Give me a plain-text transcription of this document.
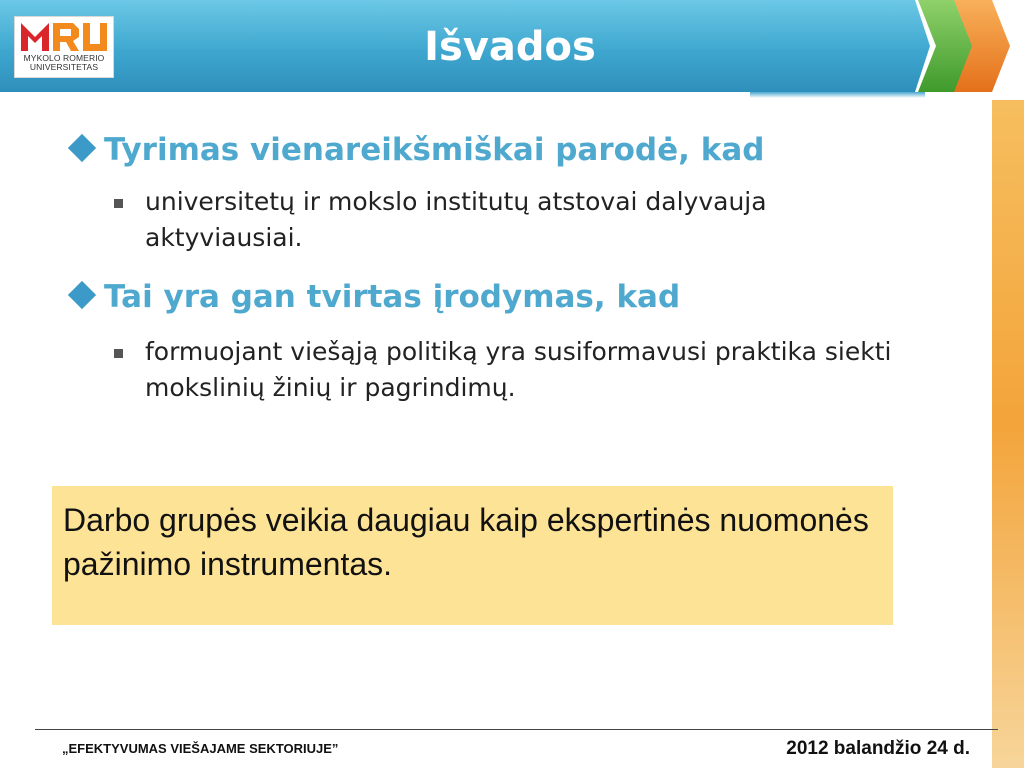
MYKOLO ROMERIO
UNIVERSITETAS	Išvados
Tyrimas vienareikšmiškai parodė, kad
universitetų ir mokslo institutų atstovai dalyvauja aktyviausiai.
Tai yra gan tvirtas įrodymas, kad
formuojant viešąją politiką yra susiformavusi praktika siekti mokslinių žinių ir pagrindimų.
Darbo grupės veikia daugiau kaip ekspertinės nuomonės pažinimo instrumentas.
„EFEKTYVUMAS VIEŠAJAME SEKTORIUJE”	2012 balandžio 24 d.
